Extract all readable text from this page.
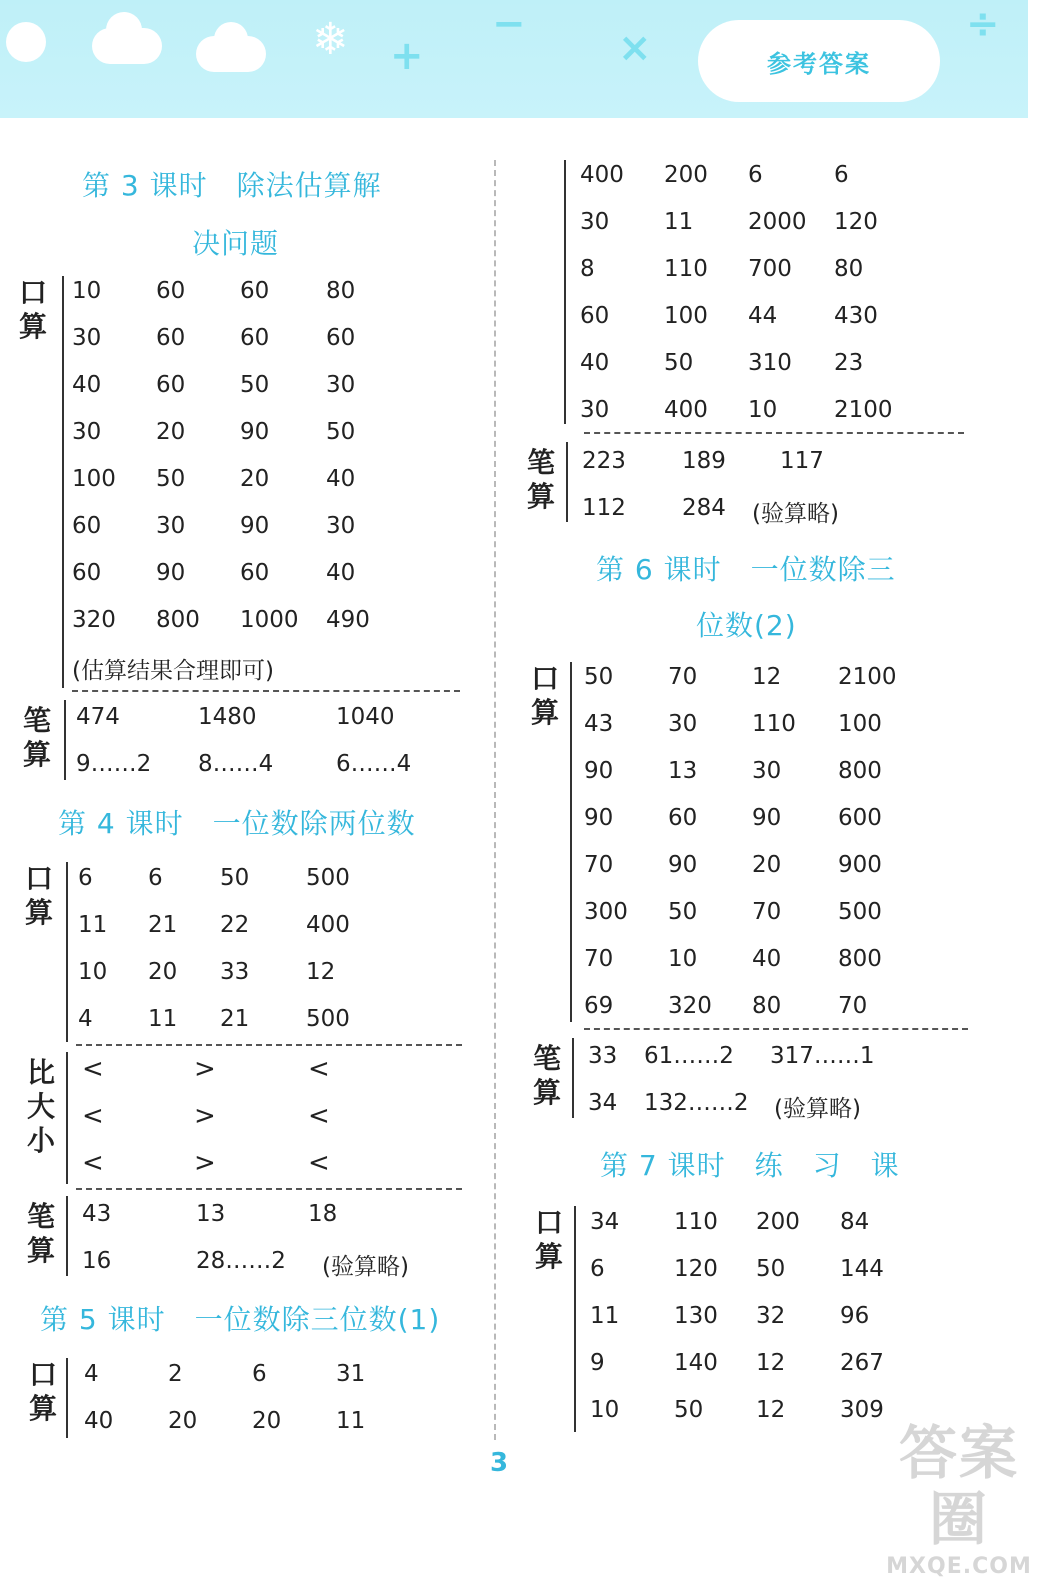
❄ +
−
×
÷
参考答案
第 3 课时　除法估算解
决问题
口算
10 60 60 80
30 60 60 60
40 60 50 30
30 20 90 50
100 50 20 40
60 30 90 30
60 90 60 40
320 800 1000 490
(估算结果合理即可)
笔算
474	1480	1040
9……2 8……4	6……4
第 4 课时　一位数除两位数
口算
6 6 50 500
11 21 22 400
10 20 33 12
4 11 21 500
比大小
<	>	<
<	>	<
<	>	<
笔算
43	13	18
16	28……2 (验算略)
第 5 课时　一位数除三位数(1)
口算
4	2	6	31
40 20 20 11
400 200 6	6
30 11 2000 120
8	110 700 80
60 100 44 430
40 50 310 23
30 400 10 2100
笔算
223 189 117
112 284 (验算略)
第 6 课时　一位数除三
位数(2)
口算
50 70 12 2100
43 30 110 100
90 13 30 800
90 60 90 600
70 90 20 900
300 50 70 500
70 10 40 800
69 320 80 70
笔算
33 61……2 317……1
34 132……2 (验算略)
第 7 课时　练　习　课
口算
34 110 200 84
6	120 50 144
11 130 32 96
9	140 12 267
10 50 12 309
3	答案圈
MXQE.COM
